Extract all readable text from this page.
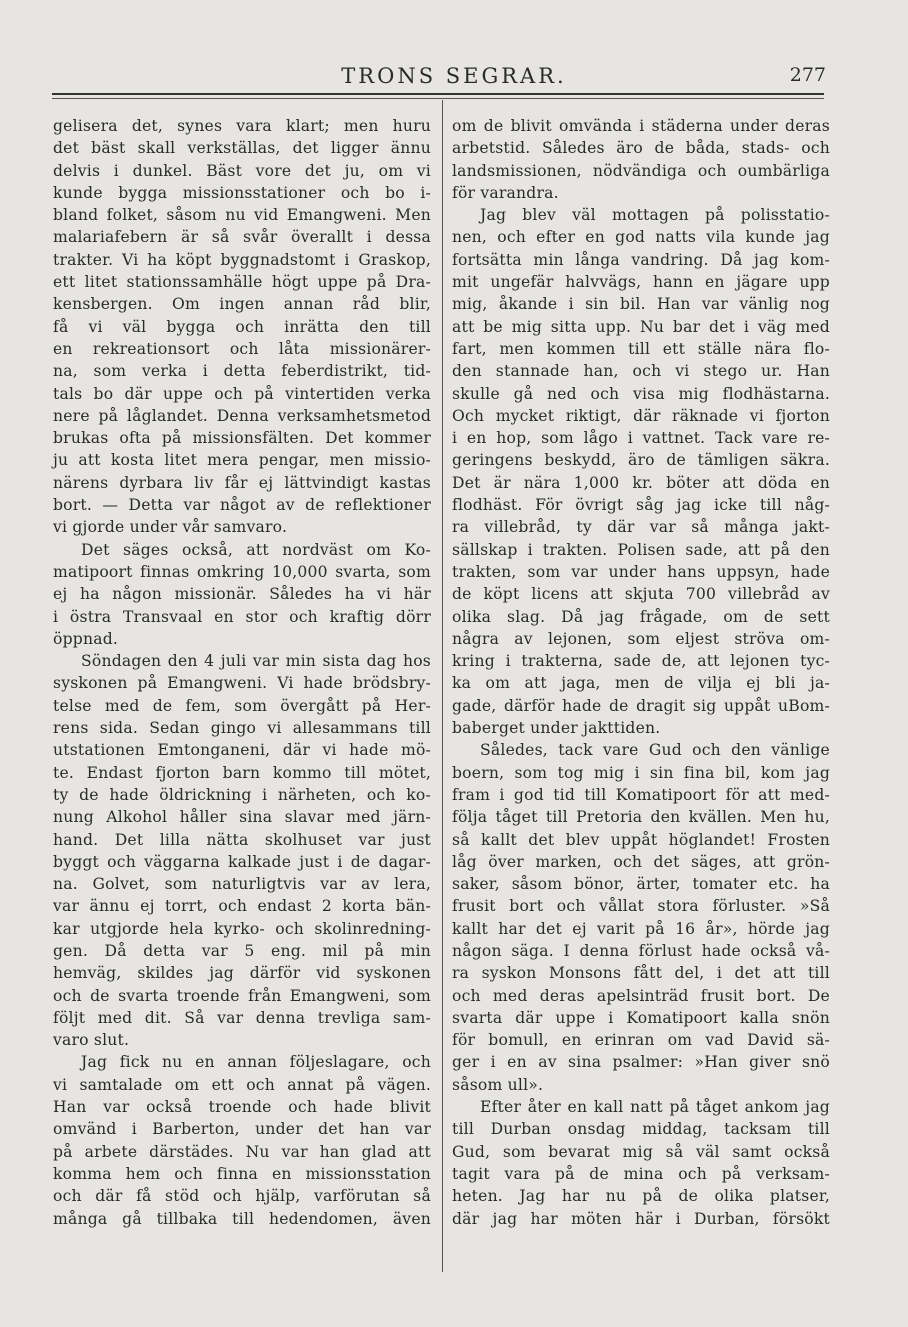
TRONS SEGRAR.	277
gelisera det, synes vara klart; men huru
det bäst skall verkställas, det ligger ännu
delvis i dunkel. Bäst vore det ju, om vi
kunde bygga missionsstationer och bo i-
bland folket, såsom nu vid Emangweni. Men
malariafebern är så svår överallt i dessa
trakter. Vi ha köpt byggnadstomt i Graskop,
ett litet stationssamhälle högt uppe på Dra-
kensbergen. Om ingen annan råd blir,
få vi väl bygga och inrätta den till
en rekreationsort och låta missionärer-
na, som verka i detta feberdistrikt, tid-
tals bo där uppe och på vintertiden verka
nere på låglandet. Denna verksamhetsmetod
brukas ofta på missionsfälten. Det kommer
ju att kosta litet mera pengar, men missio-
närens dyrbara liv får ej lättvindigt kastas
bort. — Detta var något av de reflektioner
vi gjorde under vår samvaro.
Det säges också, att nordväst om Ko-
matipoort finnas omkring 10,000 svarta, som
ej ha någon missionär. Således ha vi här
i östra Transvaal en stor och kraftig dörr
öppnad.
Söndagen den 4 juli var min sista dag hos
syskonen på Emangweni. Vi hade brödsbry-
telse med de fem, som övergått på Her-
rens sida. Sedan gingo vi allesammans till
utstationen Emtonganeni, där vi hade mö-
te. Endast fjorton barn kommo till mötet,
ty de hade öldrickning i närheten, och ko-
nung Alkohol håller sina slavar med järn-
hand. Det lilla nätta skolhuset var just
byggt och väggarna kalkade just i de dagar-
na. Golvet, som naturligtvis var av lera,
var ännu ej torrt, och endast 2 korta bän-
kar utgjorde hela kyrko- och skolinredning-
gen. Då detta var 5 eng. mil på min
hemväg, skildes jag därför vid syskonen
och de svarta troende från Emangweni, som
följt med dit. Så var denna trevliga sam-
varo slut.
Jag fick nu en annan följeslagare, och
vi samtalade om ett och annat på vägen.
Han var också troende och hade blivit
omvänd i Barberton, under det han var
på arbete därstädes. Nu var han glad att
komma hem och finna en missionsstation
och där få stöd och hjälp, varförutan så
många gå tillbaka till hedendomen, även
om de blivit omvända i städerna under deras
arbetstid. Således äro de båda, stads- och
landsmissionen, nödvändiga och oumbärliga
för varandra.
Jag blev väl mottagen på polisstatio-
nen, och efter en god natts vila kunde jag
fortsätta min långa vandring. Då jag kom-
mit ungefär halvvägs, hann en jägare upp
mig, åkande i sin bil. Han var vänlig nog
att be mig sitta upp. Nu bar det i väg med
fart, men kommen till ett ställe nära flo-
den stannade han, och vi stego ur. Han
skulle gå ned och visa mig flodhästarna.
Och mycket riktigt, där räknade vi fjorton
i en hop, som lågo i vattnet. Tack vare re-
geringens beskydd, äro de tämligen säkra.
Det är nära 1,000 kr. böter att döda en
flodhäst. För övrigt såg jag icke till någ-
ra villebråd, ty där var så många jakt-
sällskap i trakten. Polisen sade, att på den
trakten, som var under hans uppsyn, hade
de köpt licens att skjuta 700 villebråd av
olika slag. Då jag frågade, om de sett
några av lejonen, som eljest ströva om-
kring i trakterna, sade de, att lejonen tyc-
ka om att jaga, men de vilja ej bli ja-
gade, därför hade de dragit sig uppåt uBom-
baberget under jakttiden.
Således, tack vare Gud och den vänlige
boern, som tog mig i sin fina bil, kom jag
fram i god tid till Komatipoort för att med-
följa tåget till Pretoria den kvällen. Men hu,
så kallt det blev uppåt höglandet! Frosten
låg över marken, och det säges, att grön-
saker, såsom bönor, ärter, tomater etc. ha
frusit bort och vållat stora förluster. »Så
kallt har det ej varit på 16 år», hörde jag
någon säga. I denna förlust hade också vå-
ra syskon Monsons fått del, i det att till
och med deras apelsinträd frusit bort. De
svarta där uppe i Komatipoort kalla snön
för bomull, en erinran om vad David sä-
ger i en av sina psalmer: »Han giver snö
såsom ull».
Efter åter en kall natt på tåget ankom jag
till Durban onsdag middag, tacksam till
Gud, som bevarat mig så väl samt också
tagit vara på de mina och på verksam-
heten. Jag har nu på de olika platser,
där jag har möten här i Durban, försökt
